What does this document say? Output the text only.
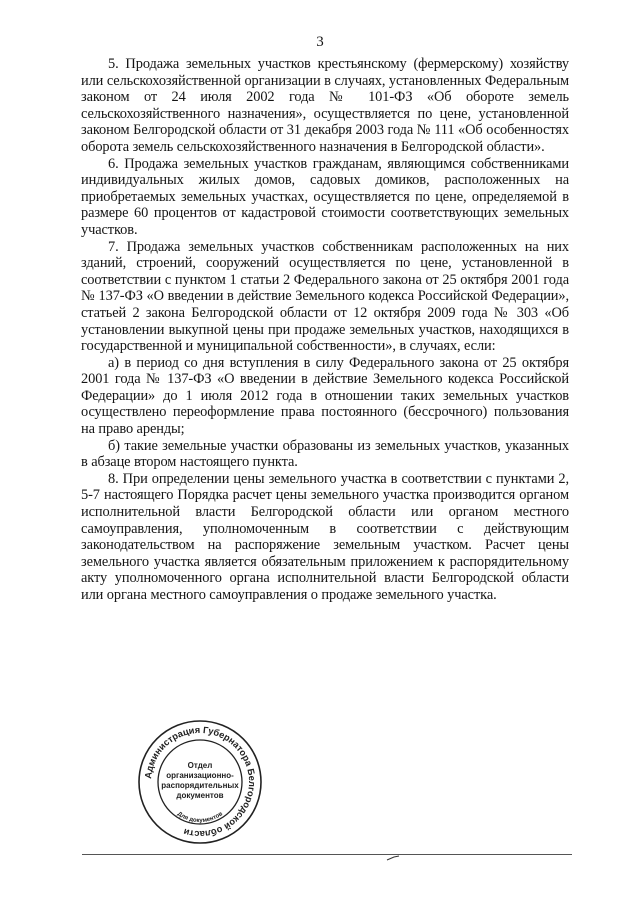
3

5. Продажа земельных участков крестьянскому (фермерскому) хозяйству или сельскохозяйственной организации в случаях, установленных Федеральным законом от 24 июля 2002 года № 101-ФЗ «Об обороте земель сельскохозяйственного назначения», осуществляется по цене, установленной законом Белгородской области от 31 декабря 2003 года № 111 «Об особенностях оборота земель сельскохозяйственного назначения в Белгородской области».

6. Продажа земельных участков гражданам, являющимся собственниками индивидуальных жилых домов, садовых домиков, расположенных на приобретаемых земельных участках, осуществляется по цене, определяемой в размере 60 процентов от кадастровой стоимости соответствующих земельных участков.

7. Продажа земельных участков собственникам расположенных на них зданий, строений, сооружений осуществляется по цене, установленной в соответствии с пунктом 1 статьи 2 Федерального закона от 25 октября 2001 года № 137-ФЗ «О введении в действие Земельного кодекса Российской Федерации», статьей 2 закона Белгородской области от 12 октября 2009 года № 303 «Об установлении выкупной цены при продаже земельных участков, находящихся в государственной и муниципальной собственности», в случаях, если:

а) в период со дня вступления в силу Федерального закона от 25 октября 2001 года № 137-ФЗ «О введении в действие Земельного кодекса Российской Федерации» до 1 июля 2012 года в отношении таких земельных участков осуществлено переоформление права постоянного (бессрочного) пользования на право аренды;

б) такие земельные участки образованы из земельных участков, указанных в абзаце втором настоящего пункта.

8. При определении цены земельного участка в соответствии с пунктами 2, 5-7 настоящего Порядка расчет цены земельного участка производится органом исполнительной власти Белгородской области или органом местного самоуправления, уполномоченным в соответствии с действующим законодательством на распоряжение земельным участком. Расчет цены земельного участка является обязательным приложением к распорядительному акту уполномоченного органа исполнительной власти Белгородской области или органа местного самоуправления о продаже земельного участка.

Администрация Губернатора Белгородской области
Для документов
Отдел
организационно-
распорядительных
документов
